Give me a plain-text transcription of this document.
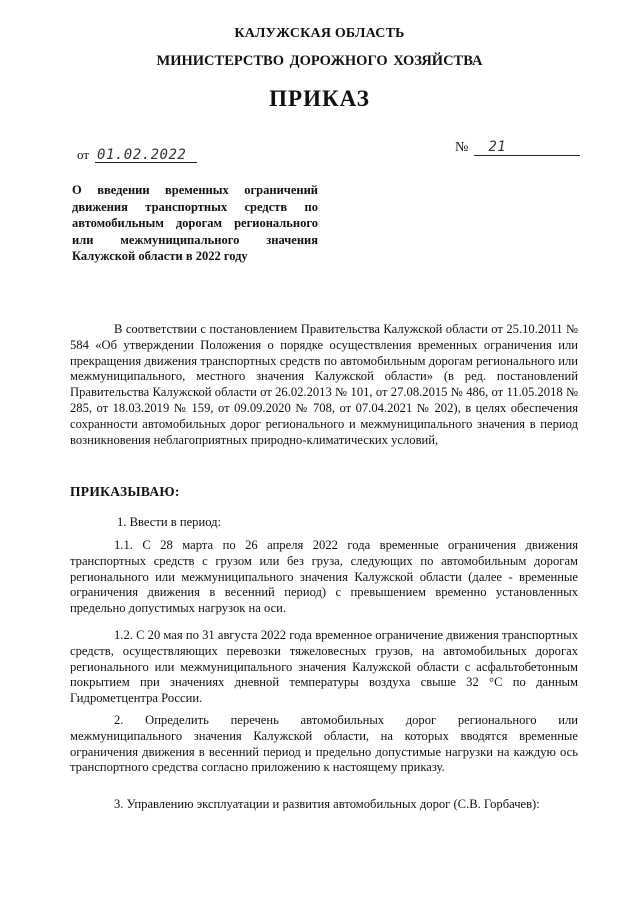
КАЛУЖСКАЯ ОБЛАСТЬ
МИНИСТЕРСТВО ДОРОЖНОГО ХОЗЯЙСТВА
ПРИКАЗ
от 01.02.2022	№	21
О введении временных ограничений движения транспортных средств по автомобильным дорогам регионального или межмуниципального значения Калужской области в 2022 году
В соответствии с постановлением Правительства Калужской области от 25.10.2011 № 584 «Об утверждении Положения о порядке осуществления временных ограничения или прекращения движения транспортных средств по автомобильным дорогам регионального или межмуниципального, местного значения Калужской области» (в ред. постановлений Правительства Калужской области от 26.02.2013 № 101, от 27.08.2015 № 486, от 11.05.2018 № 285, от 18.03.2019 № 159, от 09.09.2020 № 708, от 07.04.2021 № 202), в целях обеспечения сохранности автомобильных дорог регионального и межмуниципального значения в период возникновения неблагоприятных природно-климатических условий,
ПРИКАЗЫВАЮ:
1. Ввести в период:
1.1. С 28 марта по 26 апреля 2022 года временные ограничения движения транспортных средств с грузом или без груза, следующих по автомобильным дорогам регионального или межмуниципального значения Калужской области (далее - временные ограничения движения в весенний период) с превышением временно установленных предельно допустимых нагрузок на оси.
1.2. С 20 мая по 31 августа 2022 года временное ограничение движения транспортных средств, осуществляющих перевозки тяжеловесных грузов, на автомобильных дорогах регионального или межмуниципального значения Калужской области с асфальтобетонным покрытием при значениях дневной температуры воздуха свыше 32 °С по данным Гидрометцентра России.
2. Определить перечень автомобильных дорог регионального или межмуниципального значения Калужской области, на которых вводятся временные ограничения движения в весенний период и предельно допустимые нагрузки на каждую ось транспортного средства согласно приложению к настоящему приказу.
3. Управлению эксплуатации и развития автомобильных дорог (С.В. Горбачев):
